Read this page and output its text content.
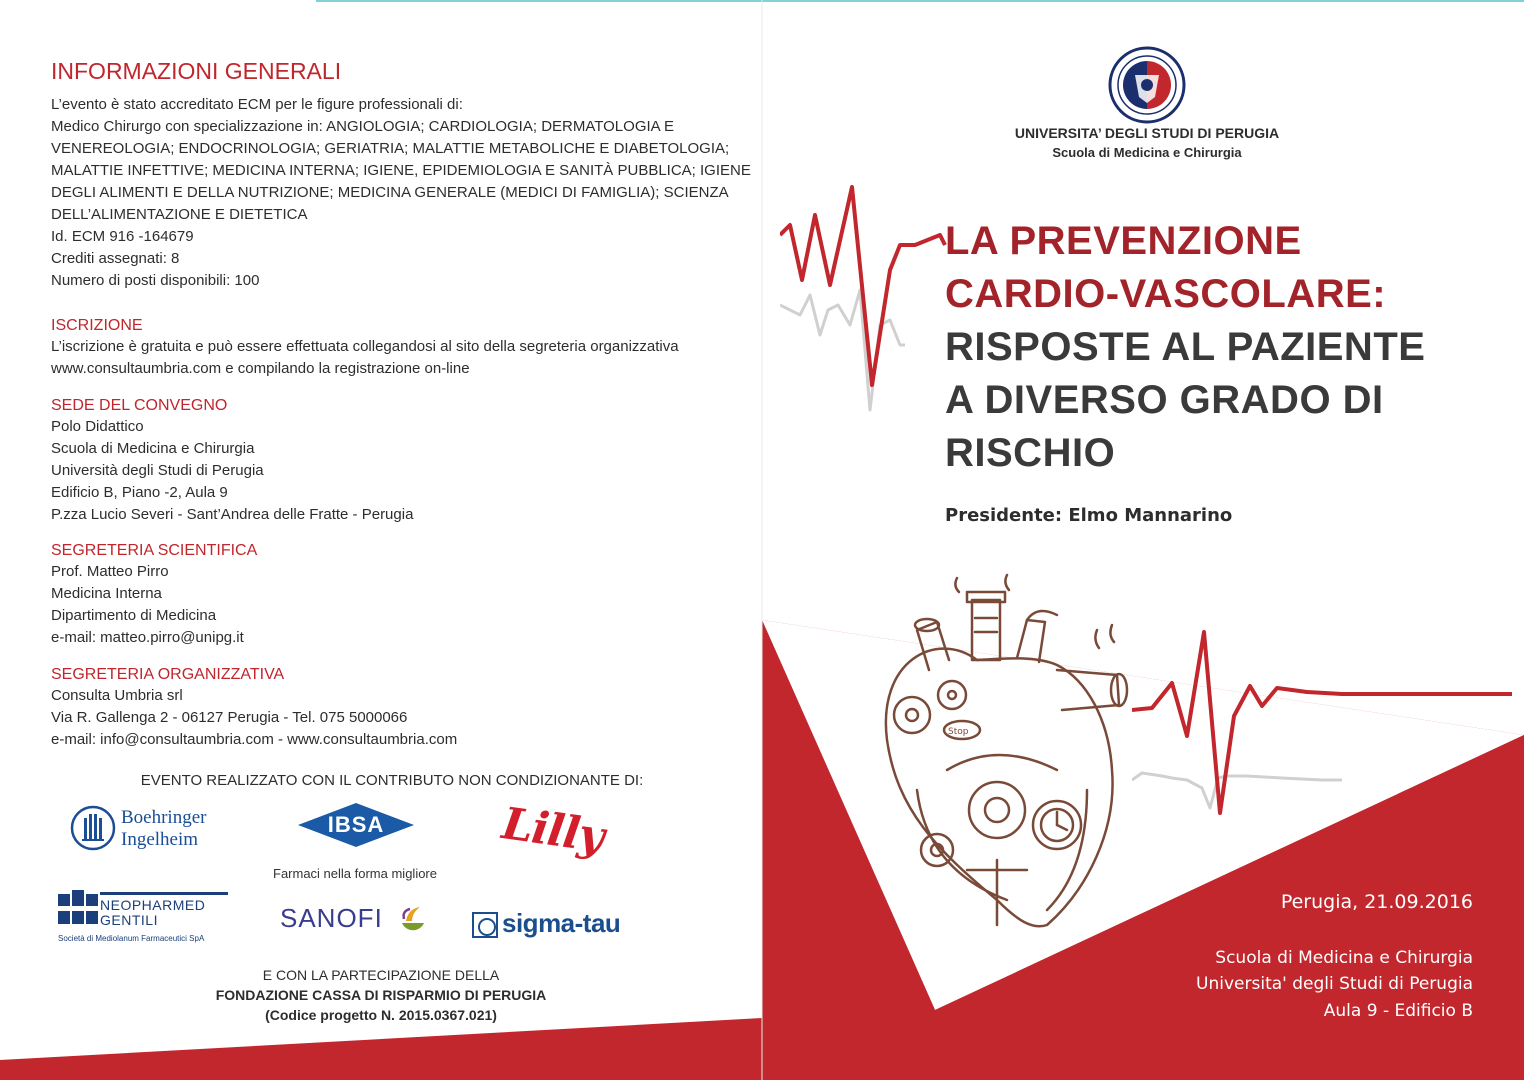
INFORMAZIONI GENERALI
L’evento è stato accreditato ECM per le figure professionali di:
Medico Chirurgo con specializzazione in: ANGIOLOGIA; CARDIOLOGIA; DERMATOLOGIA E
VENEREOLOGIA; ENDOCRINOLOGIA; GERIATRIA; MALATTIE METABOLICHE E DIABETOLOGIA;
MALATTIE INFETTIVE; MEDICINA INTERNA; IGIENE, EPIDEMIOLOGIA E SANITÀ PUBBLICA; IGIENE
DEGLI ALIMENTI E DELLA NUTRIZIONE; MEDICINA GENERALE (MEDICI DI FAMIGLIA); SCIENZA
DELL’ALIMENTAZIONE E DIETETICA
Id. ECM 916 -164679
Crediti assegnati: 8
Numero di posti disponibili: 100
ISCRIZIONE
L’iscrizione è gratuita e può essere effettuata collegandosi al sito della segreteria organizzativa
www.consultaumbria.com e compilando la registrazione on-line
SEDE DEL CONVEGNO
Polo Didattico
Scuola di Medicina e Chirurgia
Università degli Studi di Perugia
Edificio B, Piano -2, Aula 9
P.zza Lucio Severi - Sant’Andrea delle Fratte - Perugia
SEGRETERIA SCIENTIFICA
Prof. Matteo Pirro
Medicina Interna
Dipartimento di Medicina
e-mail: matteo.pirro@unipg.it
SEGRETERIA ORGANIZZATIVA
Consulta Umbria srl
Via R. Gallenga 2 - 06127 Perugia - Tel. 075 5000066
e-mail: info@consultaumbria.com - www.consultaumbria.com
EVENTO REALIZZATO CON IL CONTRIBUTO NON CONDIZIONANTE DI:
Boehringer
Ingelheim
IBSA
Farmaci nella forma migliore
Lilly
NEOPHARMED
GENTILI
Società di Mediolanum Farmaceutici SpA
SANOFI	sigma-tau
E CON LA PARTECIPAZIONE DELLA
FONDAZIONE CASSA DI RISPARMIO DI PERUGIA
(Codice progetto N. 2015.0367.021)
UNIVERSITA’ DEGLI STUDI DI PERUGIA
Scuola di Medicina e Chirurgia
LA PREVENZIONE
CARDIO-VASCOLARE:
RISPOSTE AL PAZIENTE
A DIVERSO GRADO DI
RISCHIO
Presidente: Elmo Mannarino
Stop
Perugia, 21.09.2016
Scuola di Medicina e Chirurgia
Universita' degli Studi di Perugia
Aula 9 - Edificio B
